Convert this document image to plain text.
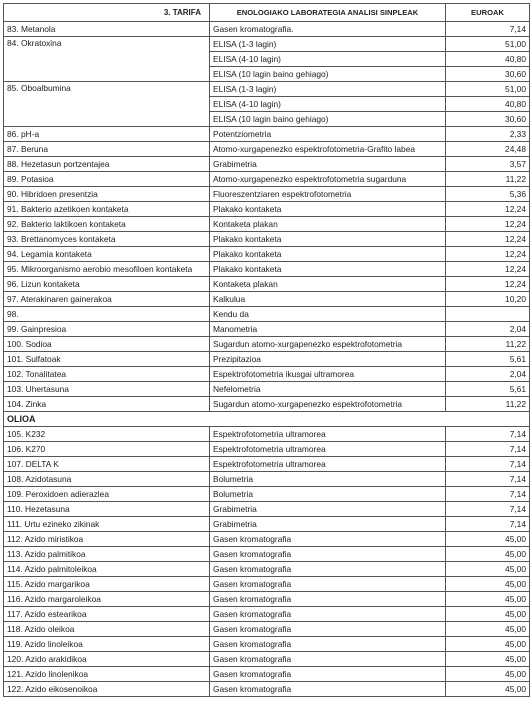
3. TARIFA	ENOLOGIAKO LABORATEGIA ANALISI SINPLEAK	EUROAK
83. Metanola	Gasen kromatografia.	7,14
84. Okratoxina	ELISA (1-3 lagin)	51,00
	ELISA (4-10 lagin)	40,80
	ELISA (10 lagin baino gehiago)	30,60
85. Oboalbumina	ELISA (1-3 lagin)	51,00
	ELISA (4-10 lagin)	40,80
	ELISA (10 lagin baino gehiago)	30,60
86. pH-a	Potentziometria	2,33
87. Beruna	Atomo-xurgapenezko espektrofotometria-Grafito labea	24,48
88. Hezetasun portzentajea	Grabimetria	3,57
89. Potasioa	Atomo-xurgapenezko espektrofotometria sugarduna	11,22
90. Hibridoen presentzia	Fluoreszentziaren espektrofotometria	5,36
91. Bakterio azetikoen kontaketa	Plakako kontaketa	12,24
92. Bakterio laktikoen kontaketa	Kontaketa plakan	12,24
93. Brettanomyces kontaketa	Plakako kontaketa	12,24
94. Legamia kontaketa	Plakako kontaketa	12,24
95. Mikroorganismo aerobio mesofiloen kontaketa	Plakako kontaketa	12,24
96. Lizun kontaketa	Kontaketa plakan	12,24
97. Aterakinaren gainerakoa	Kalkulua	10,20
98.	Kendu da	
99. Gainpresioa	Manometria	2,04
100. Sodioa	Sugardun atomo-xurgapenezko espektrofotometria	11,22
101. Sulfatoak	Prezipitazioa	5,61
102. Tonalitatea	Espektrofotometria ikusgai ultramorea	2,04
103. Uhertasuna	Nefelometria	5,61
104. Zinka	Sugardun atomo-xurgapenezko espektrofotometria	11,22
OLIOA		
105. K232	Espektrofotometria ultramorea	7,14
106. K270	Espektrofotometria ultramorea	7,14
107. DELTA K	Espektrofotometria ultramorea	7,14
108. Azidotasuna	Bolumetria	7,14
109. Peroxidoen adierazlea	Bolumetria	7,14
110. Hezetasuna	Grabimetria	7,14
111. Urtu ezineko zikinak	Grabimetria	7,14
112. Azido miristikoa	Gasen kromatografia	45,00
113. Azido palmitikoa	Gasen kromatografia	45,00
114. Azido palmitoleikoa	Gasen kromatografia	45,00
115. Azido margarikoa	Gasen kromatografia	45,00
116. Azido margaroleikoa	Gasen kromatografia	45,00
117. Azido estearikoa	Gasen kromatografia	45,00
118. Azido oleikoa	Gasen kromatografia	45,00
119. Azido linoleikoa	Gasen kromatografia	45,00
120. Azido arakidikoa	Gasen kromatografia	45,00
121. Azido linolenikoa	Gasen kromatografia	45,00
122. Azido eikosenoikoa	Gasen kromatografia	45,00
